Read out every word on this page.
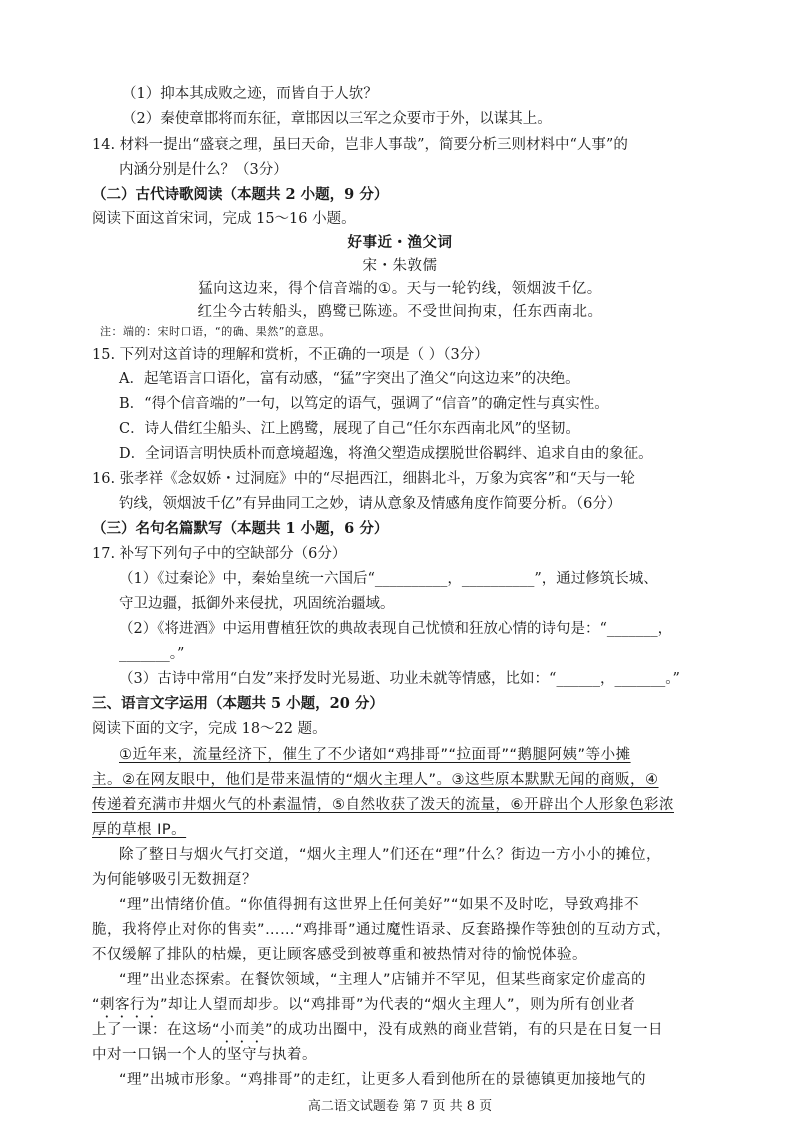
（1）抑本其成败之迹，而皆自于人欤？
（2）秦使章邯将而东征，章邯因以三军之众要市于外，以谋其上。
14. 材料一提出“盛衰之理，虽曰天命，岂非人事哉”，简要分析三则材料中“人事”的
内涵分别是什么？（3分）
（二）古代诗歌阅读（本题共 2 小题，9 分）
阅读下面这首宋词，完成 15～16 小题。
好事近・渔父词
宋・朱敦儒
猛向这边来，得个信音端的①。天与一轮钓线，领烟波千亿。
红尘今古转船头，鸥鹭已陈迹。不受世间拘束，任东西南北。
注：端的：宋时口语，“的确、果然”的意思。
15. 下列对这首诗的理解和赏析，不正确的一项是（ ）（3分）
A．起笔语言口语化，富有动感，“猛”字突出了渔父“向这边来”的决绝。
B．“得个信音端的”一句，以笃定的语气，强调了“信音”的确定性与真实性。
C．诗人借红尘船头、江上鸥鹭，展现了自己“任尔东西南北风”的坚韧。
D．全词语言明快质朴而意境超逸，将渔父塑造成摆脱世俗羁绊、追求自由的象征。
16. 张孝祥《念奴娇・过洞庭》中的“尽挹西江，细斟北斗，万象为宾客”和“天与一轮
钓线，领烟波千亿”有异曲同工之妙，请从意象及情感角度作简要分析。（6分）
（三）名句名篇默写（本题共 1 小题，6 分）
17. 补写下列句子中的空缺部分（6分）
（1）《过秦论》中，秦始皇统一六国后“__________，__________”，通过修筑长城、
守卫边疆，抵御外来侵扰，巩固统治疆域。
（2）《将进酒》中运用曹植狂饮的典故表现自己忧愤和狂放心情的诗句是：“_______，
_______。”
（3）古诗中常用“白发”来抒发时光易逝、功业未就等情感，比如：“______，_______。”
三、语言文字运用（本题共 5 小题，20 分）
阅读下面的文字，完成 18～22 题。
①近年来，流量经济下，催生了不少诸如“鸡排哥”“拉面哥”“鹅腿阿姨”等小摊
主。②在网友眼中，他们是带来温情的“烟火主理人”。③这些原本默默无闻的商贩，④
传递着充满市井烟火气的朴素温情，⑤自然收获了泼天的流量，⑥开辟出个人形象色彩浓
厚的草根 IP。
除了整日与烟火气打交道，“烟火主理人”们还在“理”什么？街边一方小小的摊位，
为何能够吸引无数拥趸？
“理”出情绪价值。“你值得拥有这世界上任何美好”“如果不及时吃，导致鸡排不
脆，我将停止对你的售卖”……“鸡排哥”通过魔性语录、反套路操作等独创的互动方式，
不仅缓解了排队的枯燥，更让顾客感受到被尊重和被热情对待的愉悦体验。
“理”出业态探索。在餐饮领域，“主理人”店铺并不罕见，但某些商家定价虚高的
“刺客行为”却让人望而却步。以“鸡排哥”为代表的“烟火主理人”，则为所有创业者
上了一课：在这场“小而美”的成功出圈中，没有成熟的商业营销，有的只是在日复一日
中对一口锅一个人的坚守与执着。
“理”出城市形象。“鸡排哥”的走红，让更多人看到他所在的景德镇更加接地气的
高二语文试题卷 第 7 页 共 8 页
